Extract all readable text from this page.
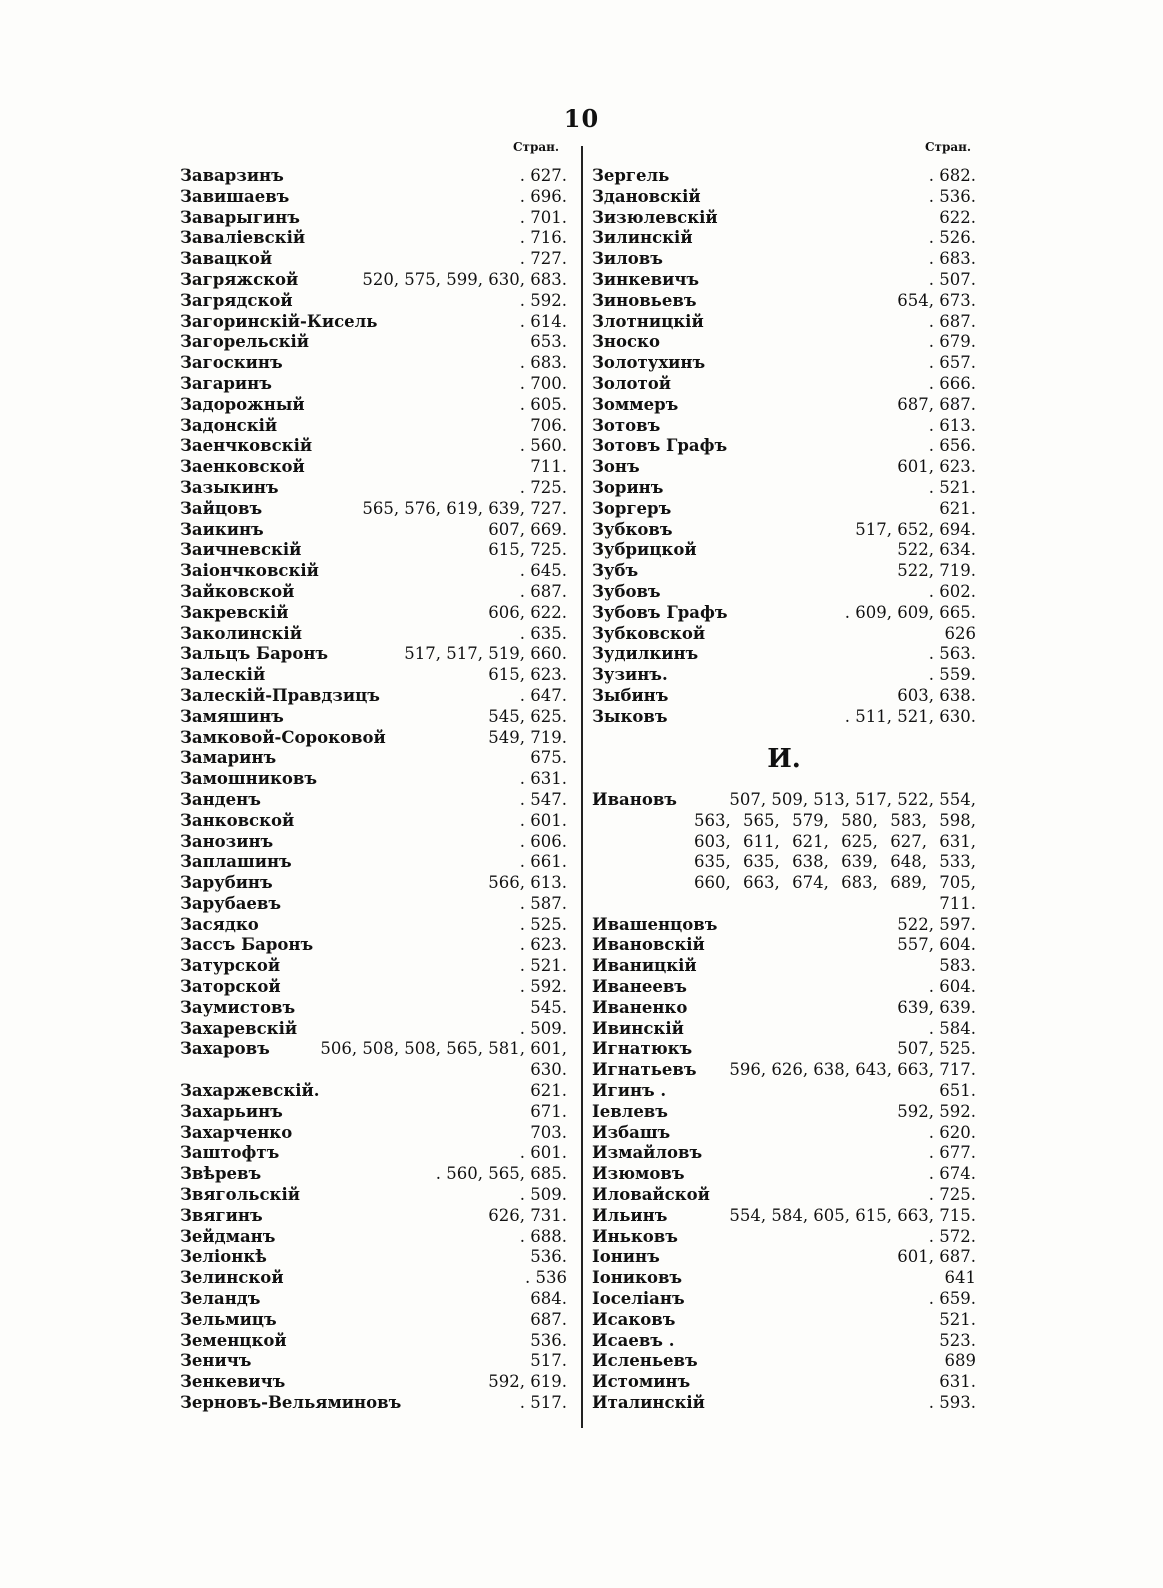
10
Стран.	Стран.
Заварзинъ	. 627.
Завишаевъ	. 696.
Заварыгинъ	. 701.
Заваліевскій	. 716.
Завацкой	. 727.
Загряжской	520, 575, 599, 630, 683.
Загрядской	. 592.
Загоринскій-Кисель	. 614.
Загорельскій	653.
Загоскинъ	. 683.
Загаринъ	. 700.
Задорожный	. 605.
Задонскій	706.
Заенчковскій	. 560.
Заенковской	711.
Зазыкинъ	. 725.
Зайцовъ	565, 576, 619, 639, 727.
Заикинъ	607, 669.
Заичневскій	615, 725.
Заіончковскій	. 645.
Зайковской	. 687.
Закревскій	606, 622.
Заколинскій	. 635.
Зальцъ Баронъ	517, 517, 519, 660.
Залескій	615, 623.
Залескій-Правдзицъ	. 647.
Замяшинъ	545, 625.
Замковой-Сороковой	549, 719.
Замаринъ	675.
Замошниковъ	. 631.
Занденъ	. 547.
Занковской	. 601.
Занозинъ	. 606.
Заплашинъ	. 661.
Зарубинъ	566, 613.
Зарубаевъ	. 587.
Засядко	. 525.
Зассъ Баронъ	. 623.
Затурской	. 521.
Заторской	. 592.
Заумистовъ	545.
Захаревскій	. 509.
Захаровъ	506, 508, 508, 565, 581, 601,
630.
Захаржевскій.	621.
Захарьинъ	671.
Захарченко	703.
Заштофтъ	. 601.
Звѣревъ	. 560, 565, 685.
Звягольскій	. 509.
Звягинъ	626, 731.
Зейдманъ	. 688.
Зеліонкѣ	536.
Зелинской	. 536
Зеландъ	684.
Зельмицъ	687.
Земенцкой	536.
Зеничъ	517.
Зенкевичъ	592, 619.
Зерновъ-Вельяминовъ	. 517.
Зергель	. 682.
Здановскій	. 536.
Зизюлевскій	622.
Зилинскій	. 526.
Зиловъ	. 683.
Зинкевичъ	. 507.
Зиновьевъ	654, 673.
Злотницкій	. 687.
Зноско	. 679.
Золотухинъ	. 657.
Золотой	. 666.
Зоммеръ	687, 687.
Зотовъ	. 613.
Зотовъ Графъ	. 656.
Зонъ	601, 623.
Зоринъ	. 521.
Зоргеръ	621.
Зубковъ	517, 652, 694.
Зубрицкой	522, 634.
Зубъ	522, 719.
Зубовъ	. 602.
Зубовъ Графъ	. 609, 609, 665.
Зубковской	626
Зудилкинъ	. 563.
Зузинъ.	. 559.
Зыбинъ	603, 638.
Зыковъ	. 511, 521, 630.
И.
Ивановъ	507, 509, 513, 517, 522, 554,
563, 565, 579, 580, 583, 598,
603, 611, 621, 625, 627, 631,
635, 635, 638, 639, 648, 533,
660, 663, 674, 683, 689, 705,
711.
Ивашенцовъ	522, 597.
Ивановскій	557, 604.
Иваницкій	583.
Иванеевъ	. 604.
Иваненко	639, 639.
Ивинскій	. 584.
Игнатюкъ	507, 525.
Игнатьевъ 596, 626, 638, 643, 663, 717.
Игинъ .	651.
Іевлевъ	592, 592.
Избашъ	. 620.
Измайловъ	. 677.
Изюмовъ	. 674.
Иловайской	. 725.
Ильинъ	554, 584, 605, 615, 663, 715.
Иньковъ	. 572.
Іонинъ	601, 687.
Іониковъ	641
Іоселіанъ	. 659.
Исаковъ	521.
Исаевъ .	523.
Исленьевъ	689
Истоминъ	631.
Италинскій	. 593.
